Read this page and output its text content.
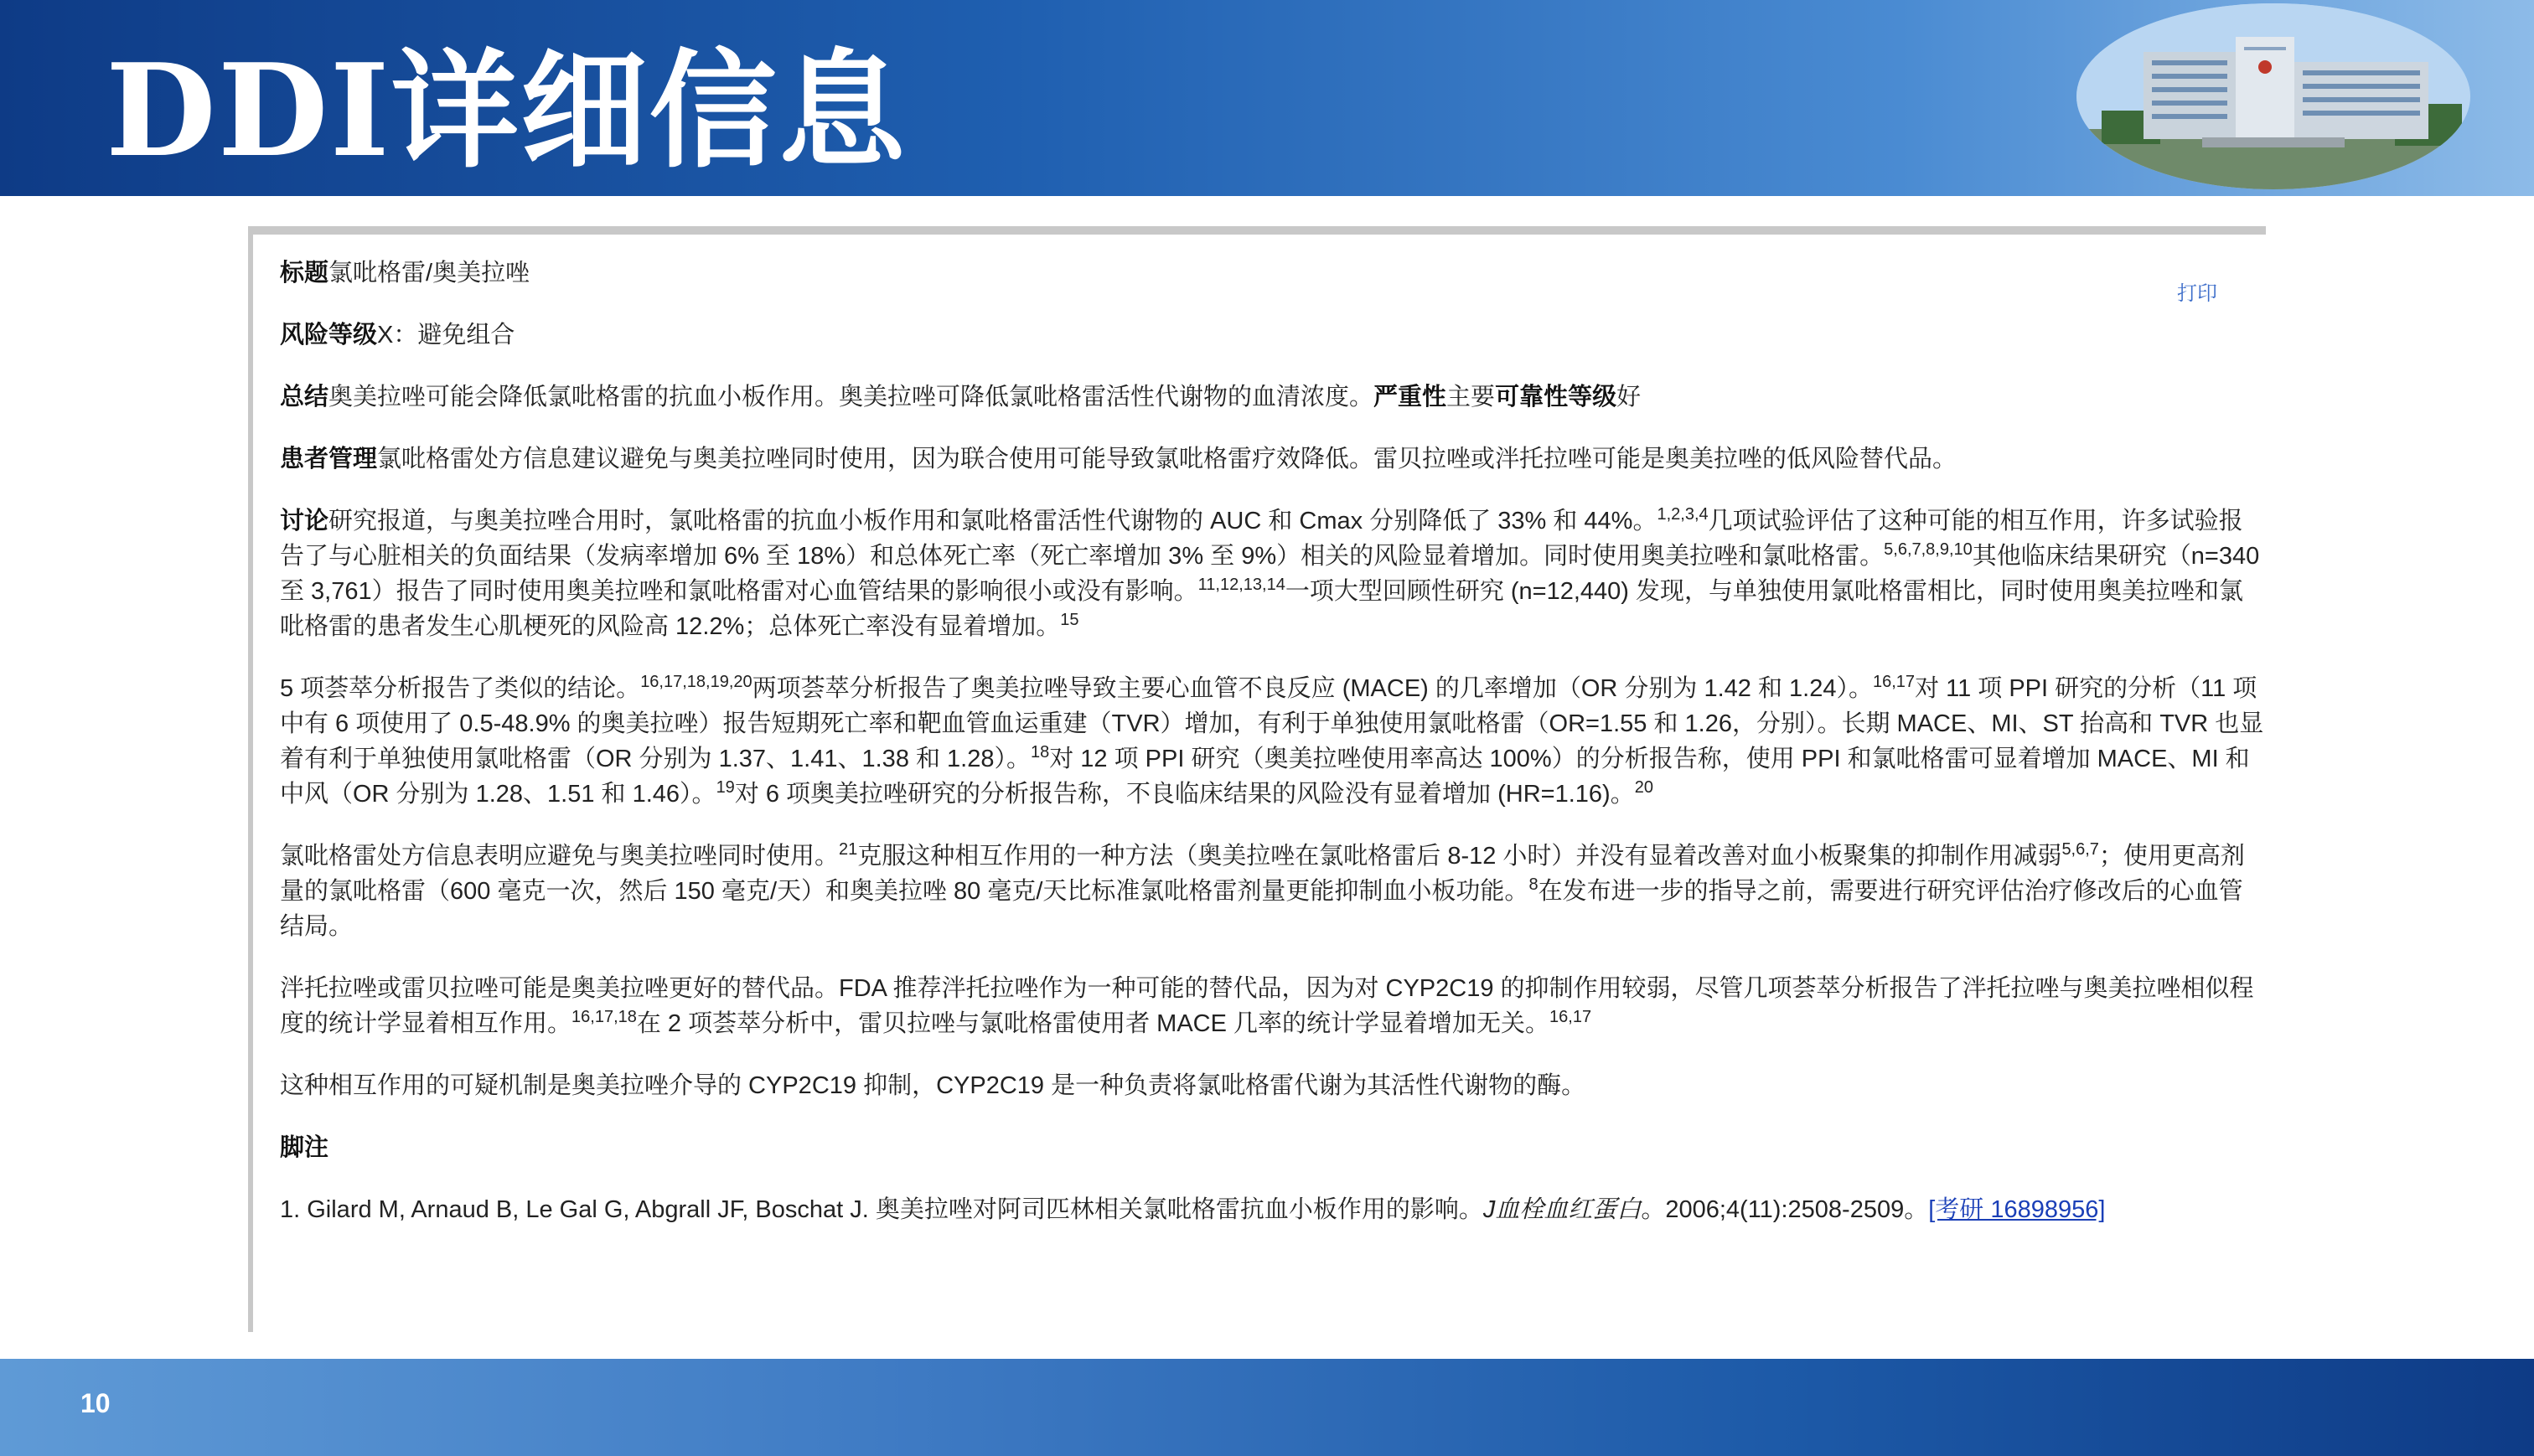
DDI详细信息
打印

标题氯吡格雷/奥美拉唑

风险等级X：避免组合

总结奥美拉唑可能会降低氯吡格雷的抗血小板作用。奥美拉唑可降低氯吡格雷活性代谢物的血清浓度。严重性主要可靠性等级好

患者管理氯吡格雷处方信息建议避免与奥美拉唑同时使用，因为联合使用可能导致氯吡格雷疗效降低。雷贝拉唑或泮托拉唑可能是奥美拉唑的低风险替代品。

讨论研究报道，与奥美拉唑合用时，氯吡格雷的抗血小板作用和氯吡格雷活性代谢物的 AUC 和 Cmax 分别降低了 33% 和 44%。$^{1,2,3,4}$几项试验评估了这种可能的相互作用，许多试验报告了与心脏相关的负面结果（发病率增加 6% 至 18%）和总体死亡率（死亡率增加 3% 至 9%）相关的风险显着增加。同时使用奥美拉唑和氯吡格雷。$^{5,6,7,8,9,10}$其他临床结果研究（n=340 至 3,761）报告了同时使用奥美拉唑和氯吡格雷对心血管结果的影响很小或没有影响。$^{11,12,13,14}$一项大型回顾性研究 (n=12,440) 发现，与单独使用氯吡格雷相比，同时使用奥美拉唑和氯吡格雷的患者发生心肌梗死的风险高 12.2%；总体死亡率没有显着增加。$^{15}$

5 项荟萃分析报告了类似的结论。$^{16,17,18,19,20}$两项荟萃分析报告了奥美拉唑导致主要心血管不良反应 (MACE) 的几率增加（OR 分别为 1.42 和 1.24）。$^{16,17}$对 11 项 PPI 研究的分析（11 项中有 6 项使用了 0.5-48.9% 的奥美拉唑）报告短期死亡率和靶血管血运重建（TVR）增加，有利于单独使用氯吡格雷（OR=1.55 和 1.26，分别）。长期 MACE、MI、ST 抬高和 TVR 也显着有利于单独使用氯吡格雷（OR 分别为 1.37、1.41、1.38 和 1.28）。$^{18}$对 12 项 PPI 研究（奥美拉唑使用率高达 100%）的分析报告称，使用 PPI 和氯吡格雷可显着增加 MACE、MI 和中风（OR 分别为 1.28、1.51 和 1.46）。$^{19}$对 6 项奥美拉唑研究的分析报告称，不良临床结果的风险没有显着增加 (HR=1.16)。$^{20}$

氯吡格雷处方信息表明应避免与奥美拉唑同时使用。$^{21}$克服这种相互作用的一种方法（奥美拉唑在氯吡格雷后 8-12 小时）并没有显着改善对血小板聚集的抑制作用减弱$^{5,6,7}$；使用更高剂量的氯吡格雷（600 毫克一次，然后 150 毫克/天）和奥美拉唑 80 毫克/天比标准氯吡格雷剂量更能抑制血小板功能。$^8$在发布进一步的指导之前，需要进行研究评估治疗修改后的心血管结局。

泮托拉唑或雷贝拉唑可能是奥美拉唑更好的替代品。FDA 推荐泮托拉唑作为一种可能的替代品，因为对 CYP2C19 的抑制作用较弱，尽管几项荟萃分析报告了泮托拉唑与奥美拉唑相似程度的统计学显着相互作用。$^{16,17,18}$在 2 项荟萃分析中，雷贝拉唑与氯吡格雷使用者 MACE 几率的统计学显着增加无关。$^{16,17}$

这种相互作用的可疑机制是奥美拉唑介导的 CYP2C19 抑制，CYP2C19 是一种负责将氯吡格雷代谢为其活性代谢物的酶。

脚注

1. Gilard M, Arnaud B, Le Gal G, Abgrall JF, Boschat J. 奥美拉唑对阿司匹林相关氯吡格雷抗血小板作用的影响。J血栓血红蛋白。2006;4(11):2508-2509。[考研 16898956]

10
